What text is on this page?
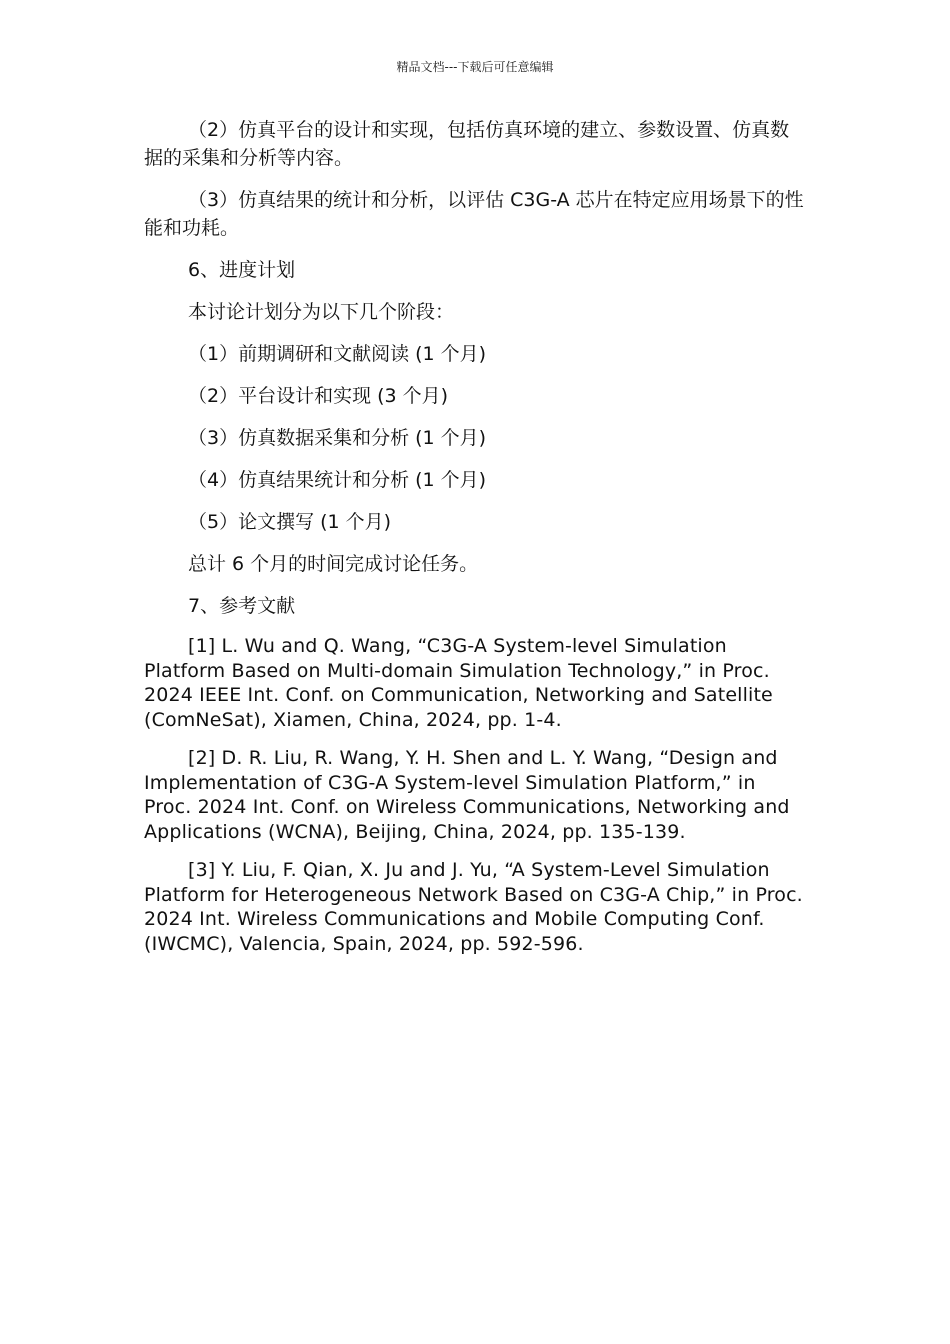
精品文档---下载后可任意编辑

（2）仿真平台的设计和实现，包括仿真环境的建立、参数设置、仿真数据的采集和分析等内容。

（3）仿真结果的统计和分析，以评估 C3G-A 芯片在特定应用场景下的性能和功耗。

6、进度计划

本讨论计划分为以下几个阶段：

（1）前期调研和文献阅读 (1 个月)

（2）平台设计和实现 (3 个月)

（3）仿真数据采集和分析 (1 个月)

（4）仿真结果统计和分析 (1 个月)

（5）论文撰写 (1 个月)

总计 6 个月的时间完成讨论任务。

7、参考文献

[1] L. Wu and Q. Wang, “C3G-A System-level Simulation Platform Based on Multi-domain Simulation Technology,” in Proc. 2024 IEEE Int. Conf. on Communication, Networking and Satellite (ComNeSat), Xiamen, China, 2024, pp. 1-4.

[2] D. R. Liu, R. Wang, Y. H. Shen and L. Y. Wang, “Design and Implementation of C3G-A System-level Simulation Platform,” in Proc. 2024 Int. Conf. on Wireless Communications, Networking and Applications (WCNA), Beijing, China, 2024, pp. 135-139.

[3] Y. Liu, F. Qian, X. Ju and J. Yu, “A System-Level Simulation Platform for Heterogeneous Network Based on C3G-A Chip,” in Proc. 2024 Int. Wireless Communications and Mobile Computing Conf. (IWCMC), Valencia, Spain, 2024, pp. 592-596.
